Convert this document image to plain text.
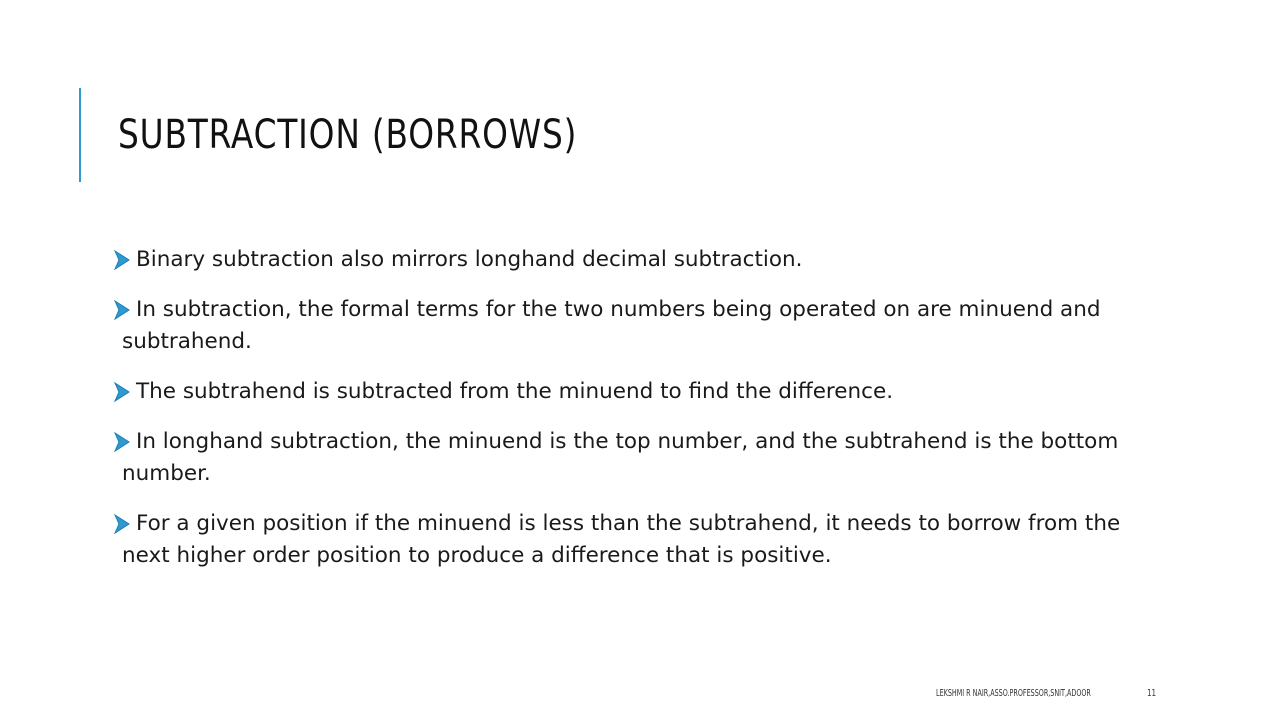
SUBTRACTION (BORROWS)
Binary subtraction also mirrors longhand decimal subtraction.
In subtraction, the formal terms for the two numbers being operated on are minuend and subtrahend.
The subtrahend is subtracted from the minuend to find the difference.
In longhand subtraction, the minuend is the top number, and the subtrahend is the bottom number.
For a given position if the minuend is less than the subtrahend, it needs to borrow from the next higher order position to produce a difference that is positive.
LEKSHMI R NAIR,ASSO.PROFESSOR,SNIT,ADOOR	11
